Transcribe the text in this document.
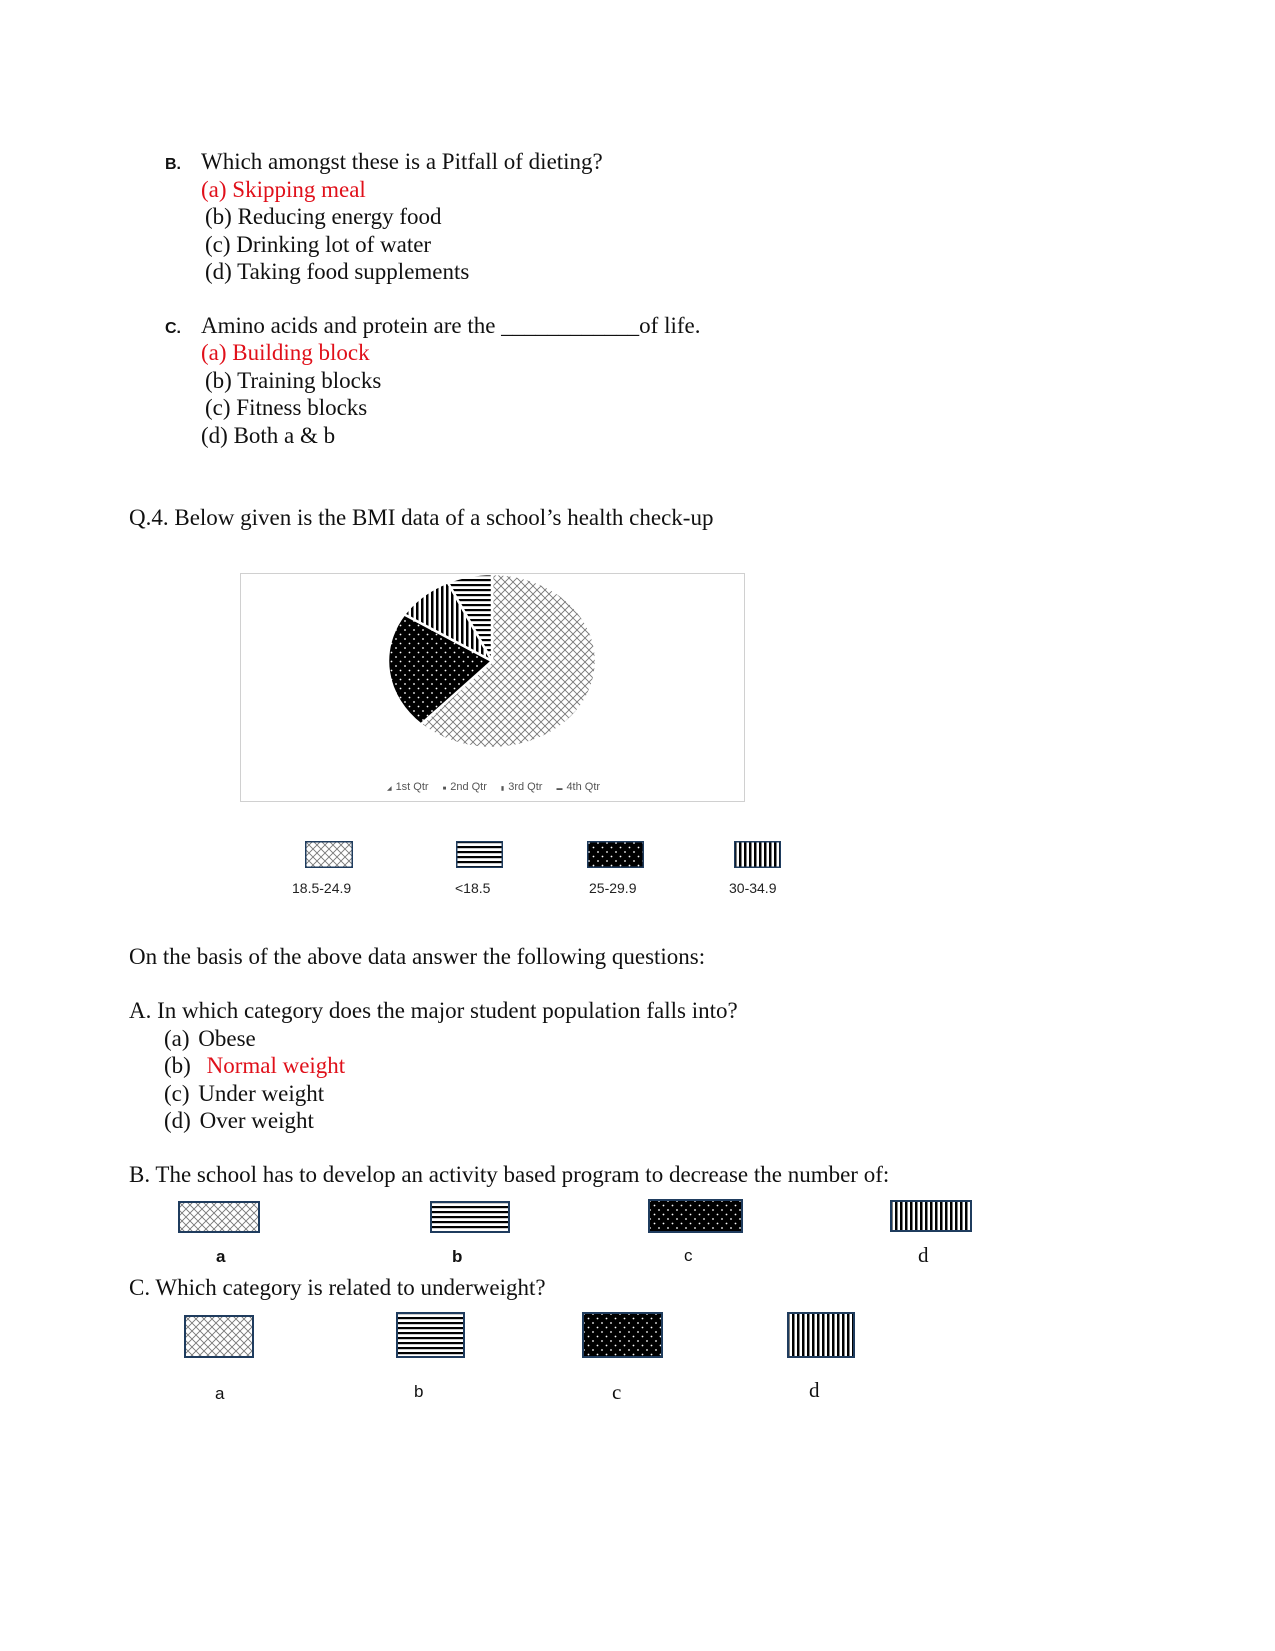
B. Which amongst these is a Pitfall of dieting?
(a) Skipping meal
(b) Reducing energy food
(c) Drinking lot of water
(d) Taking food supplements
C. Amino acids and protein are the ____________of life.
(a) Building block
(b) Training blocks
(c) Fitness blocks
(d) Both a & b
Q.4. Below given is the BMI data of a school’s health check-up
◢ 1st Qtr ■ 2nd Qtr ▮ 3rd Qtr ▬ 4th Qtr
18.5-24.9	<18.5	25-29.9	30-34.9
On the basis of the above data answer the following questions:
A. In which category does the major student population falls into?
(a) Obese
(b) Normal weight
(c) Under weight
(d) Over weight
B. The school has to develop an activity based program to decrease the number of:
a	b	c	d
C. Which category is related to underweight?
a	b	c	d
